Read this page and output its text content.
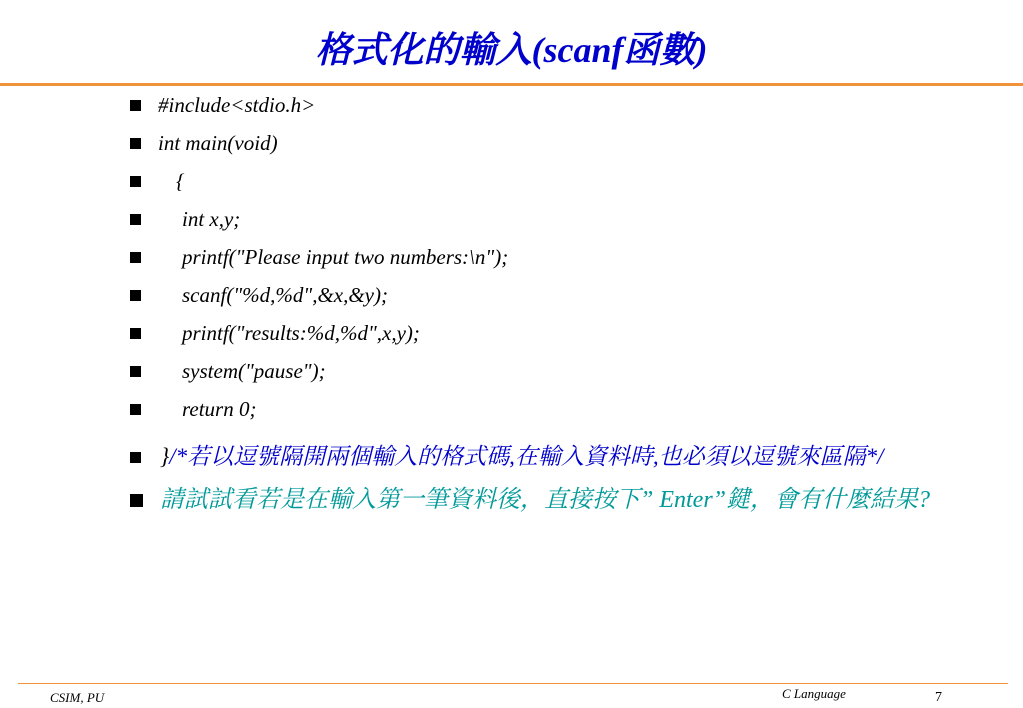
格式化的輸入(scanf函數)
#include<stdio.h>
int main(void)
{
int x,y;
printf("Please input two numbers:\n");
scanf("%d,%d",&x,&y);
printf("results:%d,%d",x,y);
system("pause");
return 0;
}/*若以逗號隔開兩個輸入的格式碼,在輸入資料時,也必須以逗號來區隔*/
請試試看若是在輸入第一筆資料後，直接按下” Enter”鍵，會有什麼結果?
CSIM, PU	C Language	7
